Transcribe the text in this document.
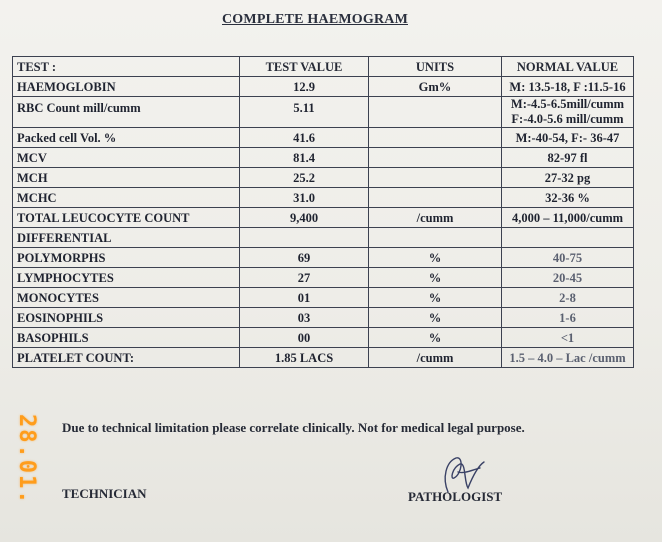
COMPLETE HAEMOGRAM
TEST :	TEST VALUE	UNITS	NORMAL VALUE
HAEMOGLOBIN	12.9	Gm%	M: 13.5-18, F :11.5-16
RBC Count mill/cumm	5.11		M:-4.5-6.5mill/cumm
F:-4.0-5.6 mill/cumm

Packed cell Vol. %	41.6		M:-40-54, F:- 36-47
MCV	81.4		82-97 fl
MCH	25.2		27-32 pg
MCHC	31.0		32-36 %
TOTAL LEUCOCYTE COUNT	9,400	/cumm	4,000 – 11,000/cumm
DIFFERENTIAL			
POLYMORPHS	69	%	40-75
LYMPHOCYTES	27	%	20-45
MONOCYTES	01	%	2-8
EOSINOPHILS	03	%	1-6
BASOPHILS	00	%	<1
PLATELET COUNT:	1.85 LACS	/cumm	1.5 – 4.0 – Lac /cumm
28.01. Due to technical limitation please correlate clinically. Not for medical legal purpose.
TECHNICIAN	PATHOLOGIST
